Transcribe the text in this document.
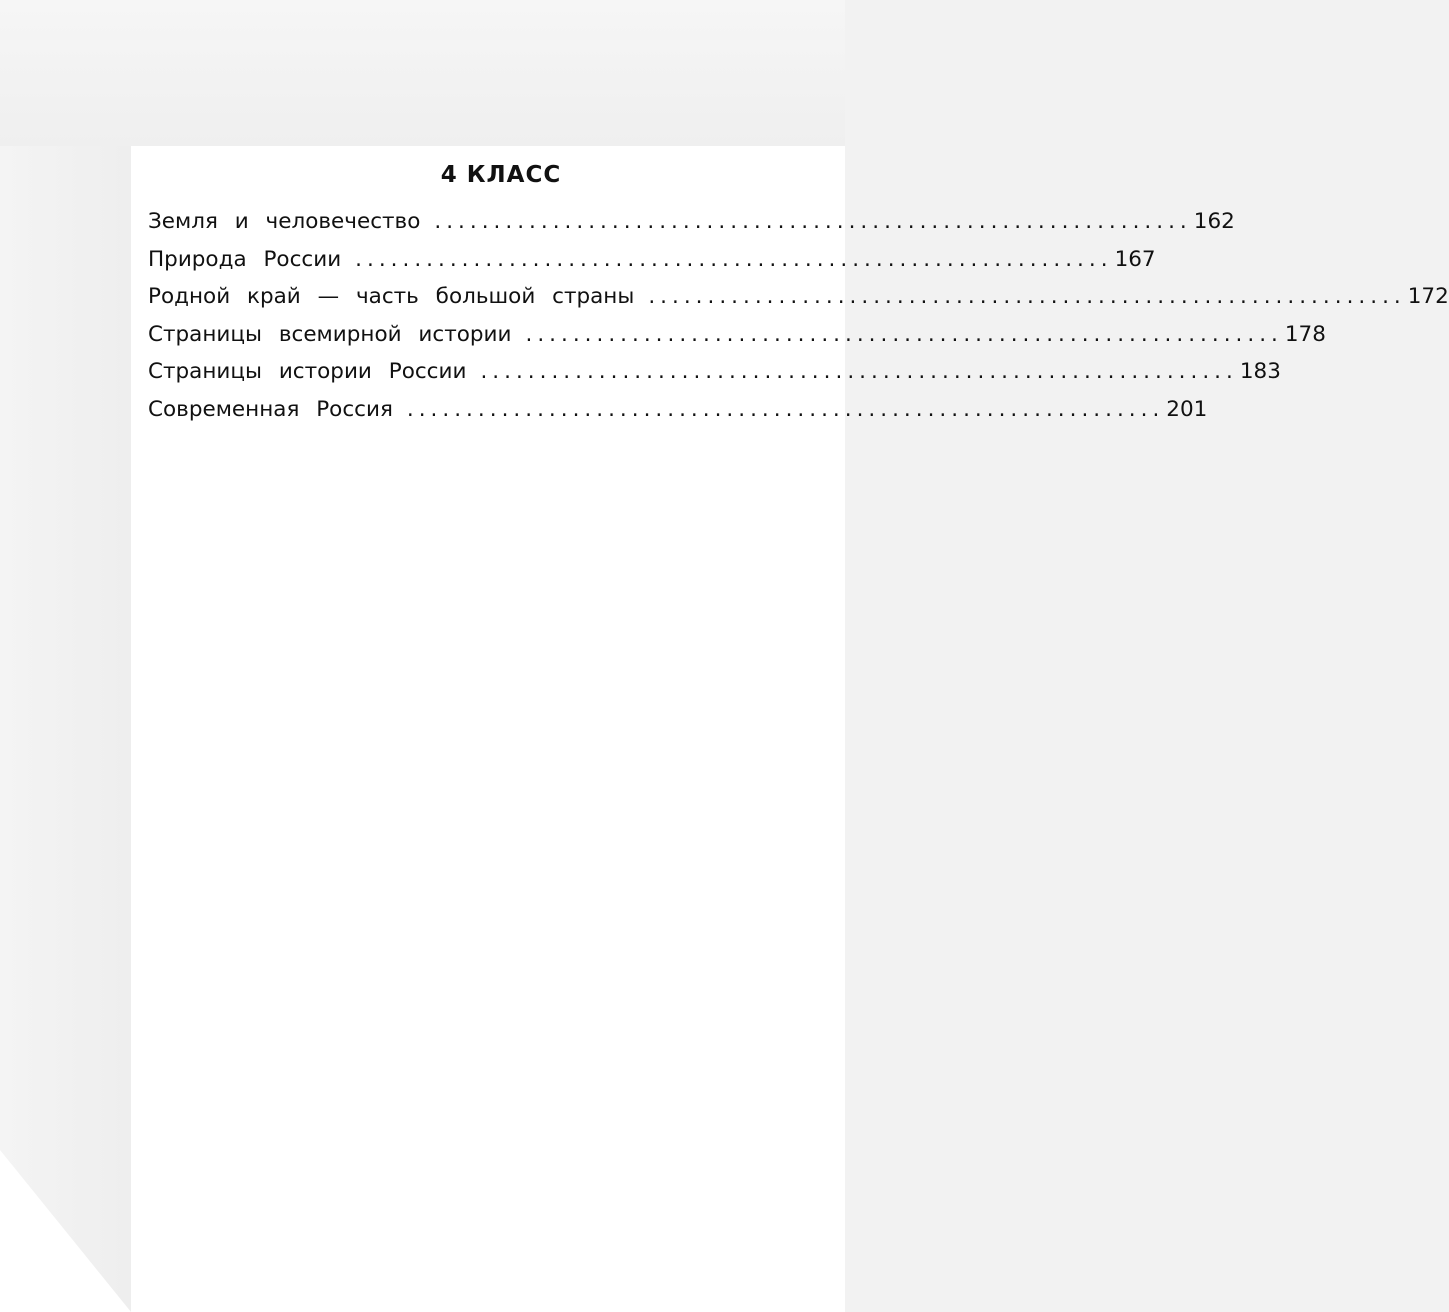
4 КЛАСС
Земля и человечество ................................................................ 162
Природа России ................................................................ 167
Родной край — часть большой страны ................................................................ 172
Страницы всемирной истории ................................................................ 178
Страницы истории России ................................................................ 183
Современная Россия ................................................................ 201
